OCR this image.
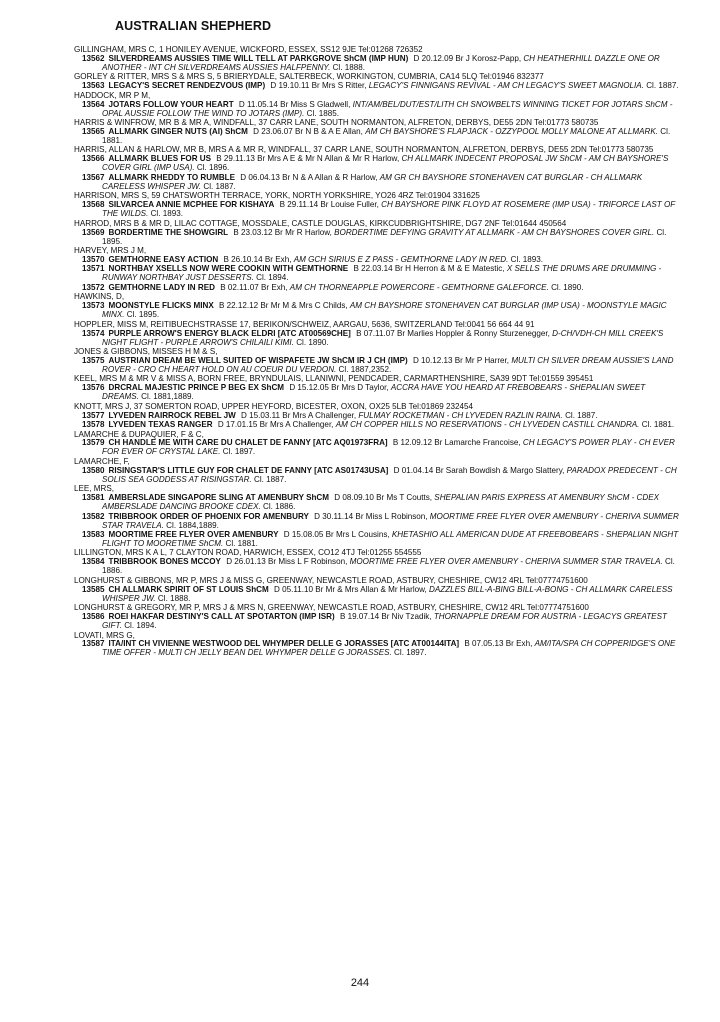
AUSTRALIAN SHEPHERD
GILLINGHAM, MRS C, 1 HONILEY AVENUE, WICKFORD, ESSEX, SS12 9JE Tel:01268 726352
13562 SILVERDREAMS AUSSIES TIME WILL TELL AT PARKGROVE ShCM (IMP HUN) D 20.12.09 Br J Korosz-Papp, CH HEATHERHILL DAZZLE ONE OR ANOTHER - INT CH SILVERDREAMS AUSSIES HALFPENNY. Cl. 1888.
GORLEY & RITTER, MRS S & MRS S, 5 BRIERYDALE, SALTERBECK, WORKINGTON, CUMBRIA, CA14 5LQ Tel:01946 832377
13563 LEGACY'S SECRET RENDEZVOUS (IMP) D 19.10.11 Br Mrs S Ritter, LEGACY'S FINNIGANS REVIVAL - AM CH LEGACY'S SWEET MAGNOLIA. Cl. 1887.
HADDOCK, MR P M,
13564 JOTARS FOLLOW YOUR HEART D 11.05.14 Br Miss S Gladwell, INT/AM/BEL/DUT/EST/LITH CH SNOWBELTS WINNING TICKET FOR JOTARS ShCM - OPAL AUSSIE FOLLOW THE WIND TO JOTARS (IMP). Cl. 1885.
HARRIS & WINFROW, MR B & MR A, WINDFALL, 37 CARR LANE, SOUTH NORMANTON, ALFRETON, DERBYS, DE55 2DN Tel:01773 580735
13565 ALLMARK GINGER NUTS (AI) ShCM D 23.06.07 Br N B & A E Allan, AM CH BAYSHORE'S FLAPJACK - OZZYPOOL MOLLY MALONE AT ALLMARK. Cl. 1881.
HARRIS, ALLAN & HARLOW, MR B, MRS A & MR R, WINDFALL, 37 CARR LANE, SOUTH NORMANTON, ALFRETON, DERBYS, DE55 2DN Tel:01773 580735
13566 ALLMARK BLUES FOR US B 29.11.13 Br Mrs A E & Mr N Allan & Mr R Harlow, CH ALLMARK INDECENT PROPOSAL JW ShCM - AM CH BAYSHORE'S COVER GIRL (IMP USA). Cl. 1896.
13567 ALLMARK RHEDDY TO RUMBLE D 06.04.13 Br N & A Allan & R Harlow, AM GR CH BAYSHORE STONEHAVEN CAT BURGLAR - CH ALLMARK CARELESS WHISPER JW. Cl. 1887.
HARRISON, MRS S, 59 CHATSWORTH TERRACE, YORK, NORTH YORKSHIRE, YO26 4RZ Tel:01904 331625
13568 SILVARCEA ANNIE MCPHEE FOR KISHAYA B 29.11.14 Br Louise Fuller, CH BAYSHORE PINK FLOYD AT ROSEMERE (IMP USA) - TRIFORCE LAST OF THE WILDS. Cl. 1893.
HARROD, MRS B & MR D, LILAC COTTAGE, MOSSDALE, CASTLE DOUGLAS, KIRKCUDBRIGHTSHIRE, DG7 2NF Tel:01644 450564
13569 BORDERTIME THE SHOWGIRL B 23.03.12 Br Mr R Harlow, BORDERTIME DEFYING GRAVITY AT ALLMARK - AM CH BAYSHORES COVER GIRL. Cl. 1895.
HARVEY, MRS J M,
13570 GEMTHORNE EASY ACTION B 26.10.14 Br Exh, AM GCH SIRIUS E Z PASS - GEMTHORNE LADY IN RED. Cl. 1893.
13571 NORTHBAY XSELLS NOW WERE COOKIN WITH GEMTHORNE B 22.03.14 Br H Herron & M & E Matestic, X SELLS THE DRUMS ARE DRUMMING - RUNWAY NORTHBAY JUST DESSERTS. Cl. 1894.
13572 GEMTHORNE LADY IN RED B 02.11.07 Br Exh, AM CH THORNEAPPLE POWERCORE - GEMTHORNE GALEFORCE. Cl. 1890.
HAWKINS, D,
13573 MOONSTYLE FLICKS MINX B 22.12.12 Br Mr M & Mrs C Childs, AM CH BAYSHORE STONEHAVEN CAT BURGLAR (IMP USA) - MOONSTYLE MAGIC MINX. Cl. 1895.
HOPPLER, MISS M, REITIBUECHSTRASSE 17, BERIKON/SCHWEIZ, AARGAU, 5636, SWITZERLAND Tel:0041 56 664 44 91
13574 PURPLE ARROW'S ENERGY BLACK ELDRI [ATC AT00569CHE] B 07.11.07 Br Marlies Hoppler & Ronny Sturzenegger, D-CH/VDH-CH MILL CREEK'S NIGHT FLIGHT - PURPLE ARROW'S CHILAILI KIMI. Cl. 1890.
JONES & GIBBONS, MISSES H M & S,
13575 AUSTRIAN DREAM BE WELL SUITED OF WISPAFETE JW ShCM IR J CH (IMP) D 10.12.13 Br Mr P Harrer, MULTI CH SILVER DREAM AUSSIE'S LAND ROVER - CRO CH HEART HOLD ON AU COEUR DU VERDON. Cl. 1887,2352.
KEEL, MRS M & MR V & MISS A, BORN FREE, BRYNDULAIS, LLANIWNI, PENDCADER, CARMARTHENSHIRE, SA39 9DT Tel:01559 395451
13576 DRCRAL MAJESTIC PRINCE P BEG EX ShCM D 15.12.05 Br Mrs D Taylor, ACCRA HAVE YOU HEARD AT FREBOBEARS - SHEPALIAN SWEET DREAMS. Cl. 1881,1889.
KNOTT, MRS J, 37 SOMERTON ROAD, UPPER HEYFORD, BICESTER, OXON, OX25 5LB Tel:01869 232454
13577 LYVEDEN RAIRROCK REBEL JW D 15.03.11 Br Mrs A Challenger, FULMAY ROCKETMAN - CH LYVEDEN RAZLIN RAINA. Cl. 1887.
13578 LYVEDEN TEXAS RANGER D 17.01.15 Br Mrs A Challenger, AM CH COPPER HILLS NO RESERVATIONS - CH LYVEDEN CASTILL CHANDRA. Cl. 1881.
LAMARCHE & DUPAQUIER, F & C,
13579 CH HANDLE ME WITH CARE DU CHALET DE FANNY [ATC AQ01973FRA] B 12.09.12 Br Lamarche Francoise, CH LEGACY'S POWER PLAY - CH EVER FOR EVER OF CRYSTAL LAKE. Cl. 1897.
LAMARCHE, F,
13580 RISINGSTAR'S LITTLE GUY FOR CHALET DE FANNY [ATC AS01743USA] D 01.04.14 Br Sarah Bowdish & Margo Slattery, PARADOX PREDECENT - CH SOLIS SEA GODDESS AT RISINGSTAR. Cl. 1887.
LEE, MRS,
13581 AMBERSLADE SINGAPORE SLING AT AMENBURY ShCM D 08.09.10 Br Ms T Coutts, SHEPALIAN PARIS EXPRESS AT AMENBURY ShCM - CDEX AMBERSLADE DANCING BROOKE CDEX. Cl. 1886.
13582 TRIBBROOK ORDER OF PHOENIX FOR AMENBURY D 30.11.14 Br Miss L Robinson, MOORTIME FREE FLYER OVER AMENBURY - CHERIVA SUMMER STAR TRAVELA. Cl. 1884,1889.
13583 MOORTIME FREE FLYER OVER AMENBURY D 15.08.05 Br Mrs L Cousins, KHETASHIO ALL AMERICAN DUDE AT FREEBOBEARS - SHEPALIAN NIGHT FLIGHT TO MOORETIME ShCM. Cl. 1881.
LILLINGTON, MRS K A L, 7 CLAYTON ROAD, HARWICH, ESSEX, CO12 4TJ Tel:01255 554555
13584 TRIBBROOK BONES MCCOY D 26.01.13 Br Miss L F Robinson, MOORTIME FREE FLYER OVER AMENBURY - CHERIVA SUMMER STAR TRAVELA. Cl. 1886.
LONGHURST & GIBBONS, MR P, MRS J & MISS G, GREENWAY, NEWCASTLE ROAD, ASTBURY, CHESHIRE, CW12 4RL Tel:07774751600
13585 CH ALLMARK SPIRIT OF ST LOUIS ShCM D 05.11.10 Br Mr & Mrs Allan & Mr Harlow, DAZZLES BILL-A-BING BILL-A-BONG - CH ALLMARK CARELESS WHISPER JW. Cl. 1888.
LONGHURST & GREGORY, MR P, MRS J & MRS N, GREENWAY, NEWCASTLE ROAD, ASTBURY, CHESHIRE, CW12 4RL Tel:07774751600
13586 ROEI HAKFAR DESTINY'S CALL AT SPOTARTON (IMP ISR) B 19.07.14 Br Niv Tzadik, THORNAPPLE DREAM FOR AUSTRIA - LEGACYS GREATEST GIFT. Cl. 1894.
LOVATI, MRS G,
13587 ITA/INT CH VIVIENNE WESTWOOD DEL WHYMPER DELLE G JORASSES [ATC AT00144ITA] B 07.05.13 Br Exh, AM/ITA/SPA CH COPPERIDGE'S ONE TIME OFFER - MULTI CH JELLY BEAN DEL WHYMPER DELLE G JORASSES. Cl. 1897.
244
